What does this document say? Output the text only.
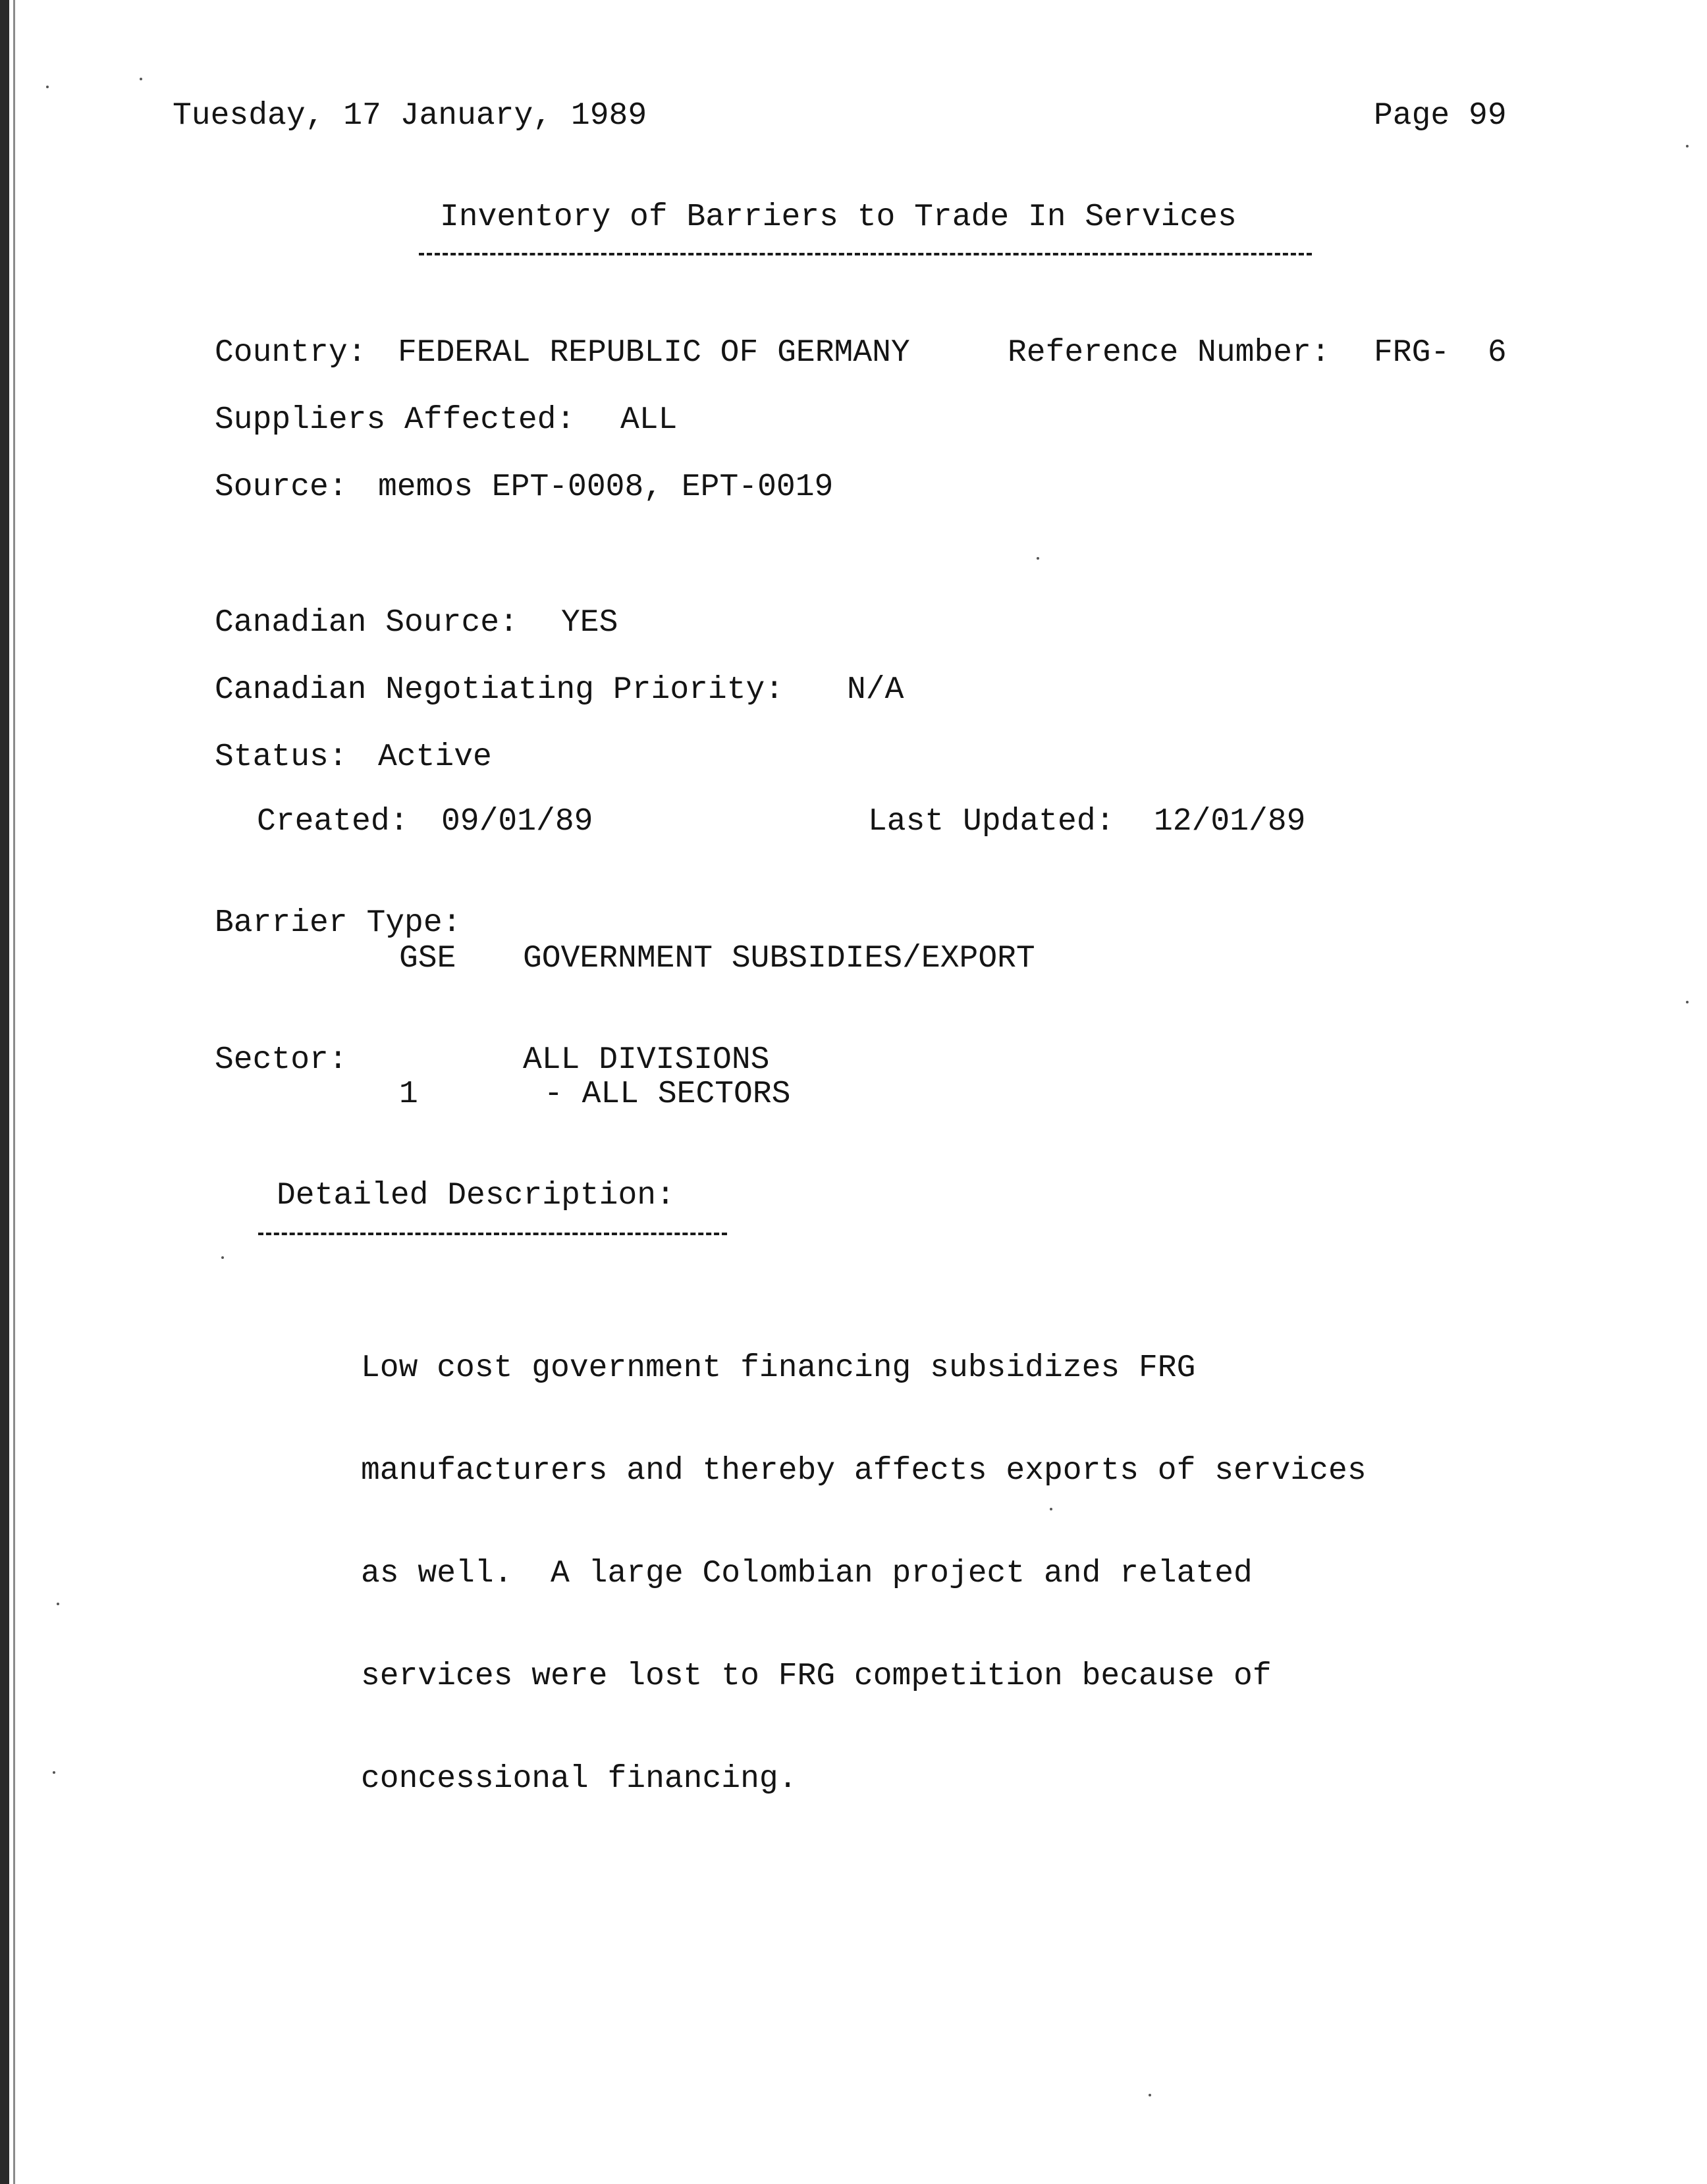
Tuesday, 17 January, 1989	Page 99
Inventory of Barriers to Trade In Services
Country: FEDERAL REPUBLIC OF GERMANY	Reference Number: FRG-  6
Suppliers Affected: ALL
Source: memos EPT-0008, EPT-0019
Canadian Source: YES
Canadian Negotiating Priority: N/A
Status: Active
Created: 09/01/89	Last Updated: 12/01/89
Barrier Type:
GSE GOVERNMENT SUBSIDIES/EXPORT
Sector:	ALL DIVISIONS
1	- ALL SECTORS
Detailed Description:

Low cost government financing subsidizes FRG

manufacturers and thereby affects exports of services

as well.  A large Colombian project and related

services were lost to FRG competition because of

concessional financing.
